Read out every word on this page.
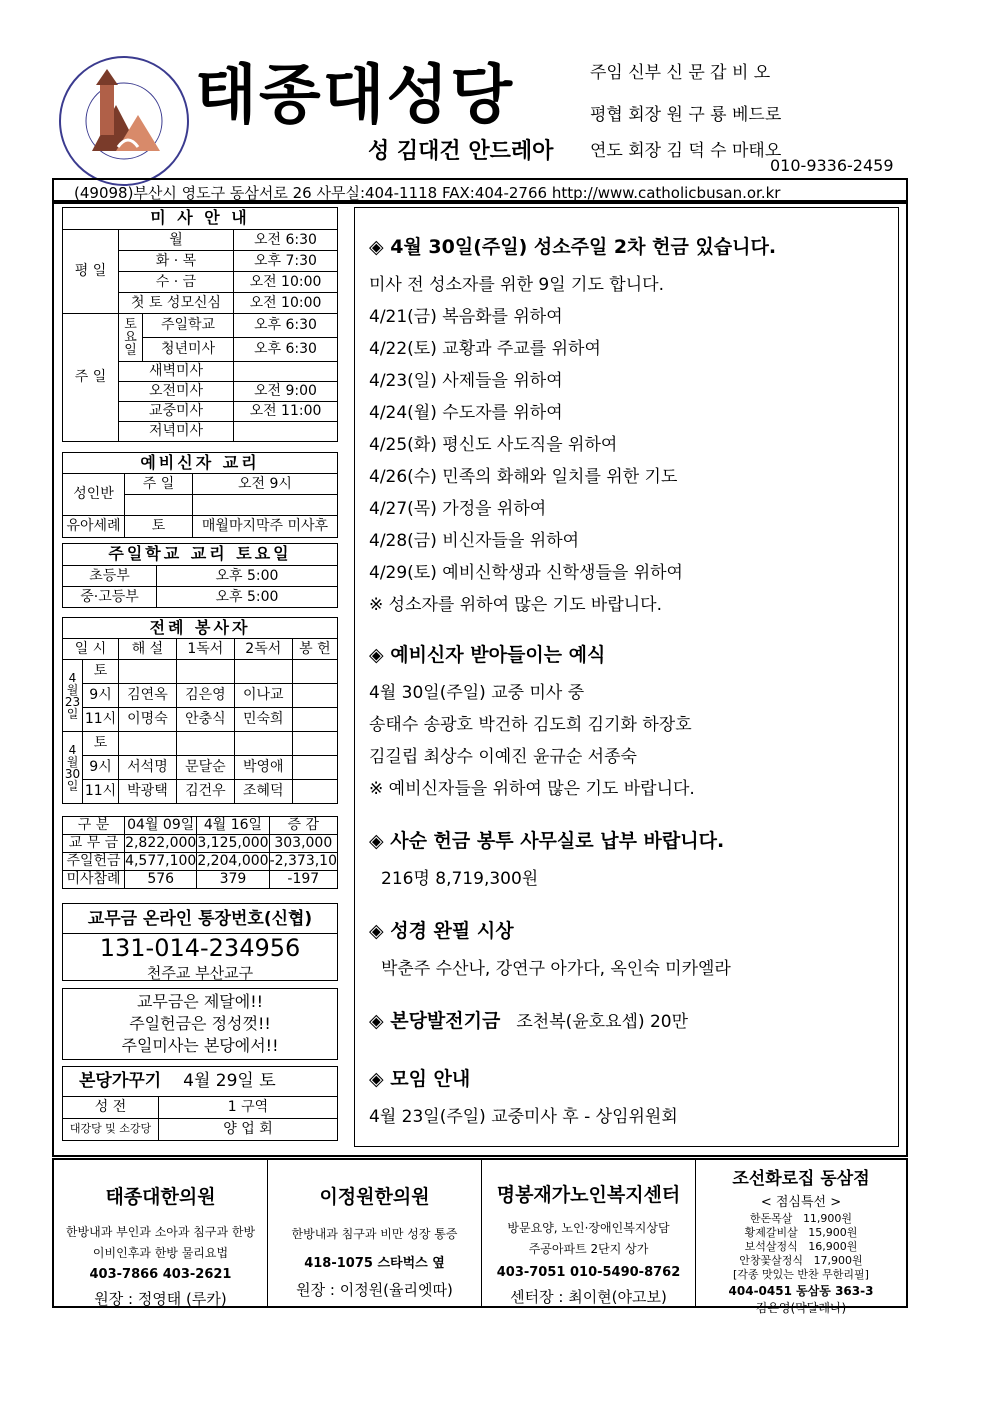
태종대성당
성 김대건 안드레아
주임 신부 신 문 갑 비 오
평협 회장 원 구 룡 베드로
연도 회장 김 덕 수 마태오
010-9336-2459
(49098)부산시 영도구 동삼서로 26 사무실:404-1118 FAX:404-2766 http://www.catholicbusan.or.kr
미 사 안 내			
평 일	월		오전 6:30
	화 · 목		오후 7:30
	수 · 금		오전 10:00
	첫 토 성모신심		오전 10:00
주 일	토요일	주일학교	오후 6:30
		청년미사	오후 6:30
	새벽미사		
	오전미사		오전 9:00
	교중미사		오전 11:00
	저녁미사		
예비신자 교리		
성인반	주 일	오전 9시

유아세례	토	매월마지막주 미사후
주일학교 교리 토요일	
초등부	오후 5:00
중·고등부	오후 5:00
전례 봉사자					
일 시		해 설	1독서	2독서	봉 헌
4월23일	토				
	9시	김연옥	김은영	이나교	
	11시	이명숙	안충식	민숙희	
4월30일	토				
	9시	서석명	문달순	박영애	
	11시	박광택	김건우	조혜덕	
구 분	04월 09일	4월 16일	증 감
교 무 금	2,822,000	3,125,000	303,000
주일헌금	4,577,100	2,204,000	-2,373,10
미사참례	576	379	-197
교무금 온라인 통장번호(신협)
131-014-234956
천주교 부산교구
교무금은 제달에!!
주일헌금은 정성껏!!
주일미사는 본당에서!!
본당가꾸기 4월 29일 토	
성 전	1 구역
대강당 및 소강당	양 업 회
◈ 4월 30일(주일) 성소주일 2차 헌금 있습니다.
미사 전 성소자를 위한 9일 기도 합니다.
4/21(금) 복음화를 위하여
4/22(토) 교황과 주교를 위하여
4/23(일) 사제들을 위하여
4/24(월) 수도자를 위하여
4/25(화) 평신도 사도직을 위하여
4/26(수) 민족의 화해와 일치를 위한 기도
4/27(목) 가정을 위하여
4/28(금) 비신자들을 위하여
4/29(토) 예비신학생과 신학생들을 위하여
※ 성소자를 위하여 많은 기도 바랍니다.
◈ 예비신자 받아들이는 예식
4월 30일(주일) 교중 미사 중
송태수 송광호 박건하 김도희 김기화 하장호
김길립 최상수 이예진 윤규순 서종숙
※ 예비신자들을 위하여 많은 기도 바랍니다.
◈ 사순 헌금 봉투 사무실로 납부 바랍니다.
216명 8,719,300원
◈ 성경 완필 시상
박춘주 수산나, 강연구 아가다, 옥인숙 미카엘라
◈ 본당발전기금 조천복(윤호요셉) 20만
◈ 모임 안내
4월 23일(주일) 교중미사 후 - 상임위원회
태종대한의원
한방내과 부인과 소아과 침구과 한방
이비인후과 한방 물리요법
403-7866 403-2621
원장 : 정영태 (루카)
이정원한의원
한방내과 침구과 비만 성장 통증
418-1075 스타벅스 옆
원장 : 이정원(율리엣따)
명봉재가노인복지센터
방문요양, 노인·장애인복지상담
주공아파트 2단지 상가
403-7051 010-5490-8762
센터장 : 최이현(야고보)
조선화로집 동삼점
< 점심특선 >
한돈목살 11,900원
황제갈비살 15,900원
보석살정식 16,900원
안창꽃살정식 17,900원
[각종 맛있는 반찬 무한리필]
404-0451 동삼동 363-3
김은영(막달레나)
